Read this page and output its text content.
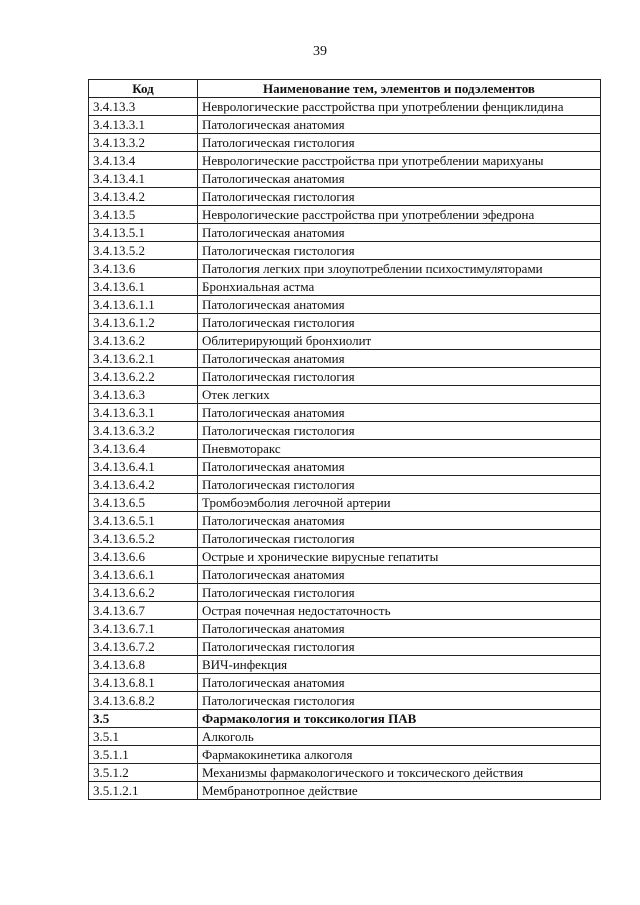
39
Код	Наименование тем, элементов и подэлементов
3.4.13.3	Неврологические расстройства при употреблении фенциклидина
3.4.13.3.1	Патологическая анатомия
3.4.13.3.2	Патологическая гистология
3.4.13.4	Неврологические расстройства при употреблении марихуаны
3.4.13.4.1	Патологическая анатомия
3.4.13.4.2	Патологическая гистология
3.4.13.5	Неврологические расстройства при употреблении эфедрона
3.4.13.5.1	Патологическая анатомия
3.4.13.5.2	Патологическая гистология
3.4.13.6	Патология легких при злоупотреблении психостимуляторами
3.4.13.6.1	Бронхиальная астма
3.4.13.6.1.1	Патологическая анатомия
3.4.13.6.1.2	Патологическая гистология
3.4.13.6.2	Облитерирующий бронхиолит
3.4.13.6.2.1	Патологическая анатомия
3.4.13.6.2.2	Патологическая гистология
3.4.13.6.3	Отек легких
3.4.13.6.3.1	Патологическая анатомия
3.4.13.6.3.2	Патологическая гистология
3.4.13.6.4	Пневмоторакс
3.4.13.6.4.1	Патологическая анатомия
3.4.13.6.4.2	Патологическая гистология
3.4.13.6.5	Тромбоэмболия легочной артерии
3.4.13.6.5.1	Патологическая анатомия
3.4.13.6.5.2	Патологическая гистология
3.4.13.6.6	Острые и хронические вирусные гепатиты
3.4.13.6.6.1	Патологическая анатомия
3.4.13.6.6.2	Патологическая гистология
3.4.13.6.7	Острая почечная недостаточность
3.4.13.6.7.1	Патологическая анатомия
3.4.13.6.7.2	Патологическая гистология
3.4.13.6.8	ВИЧ-инфекция
3.4.13.6.8.1	Патологическая анатомия
3.4.13.6.8.2	Патологическая гистология
3.5	Фармакология и токсикология ПАВ
3.5.1	Алкоголь
3.5.1.1	Фармакокинетика алкоголя
3.5.1.2	Механизмы фармакологического и токсического действия
3.5.1.2.1	Мембранотропное действие
